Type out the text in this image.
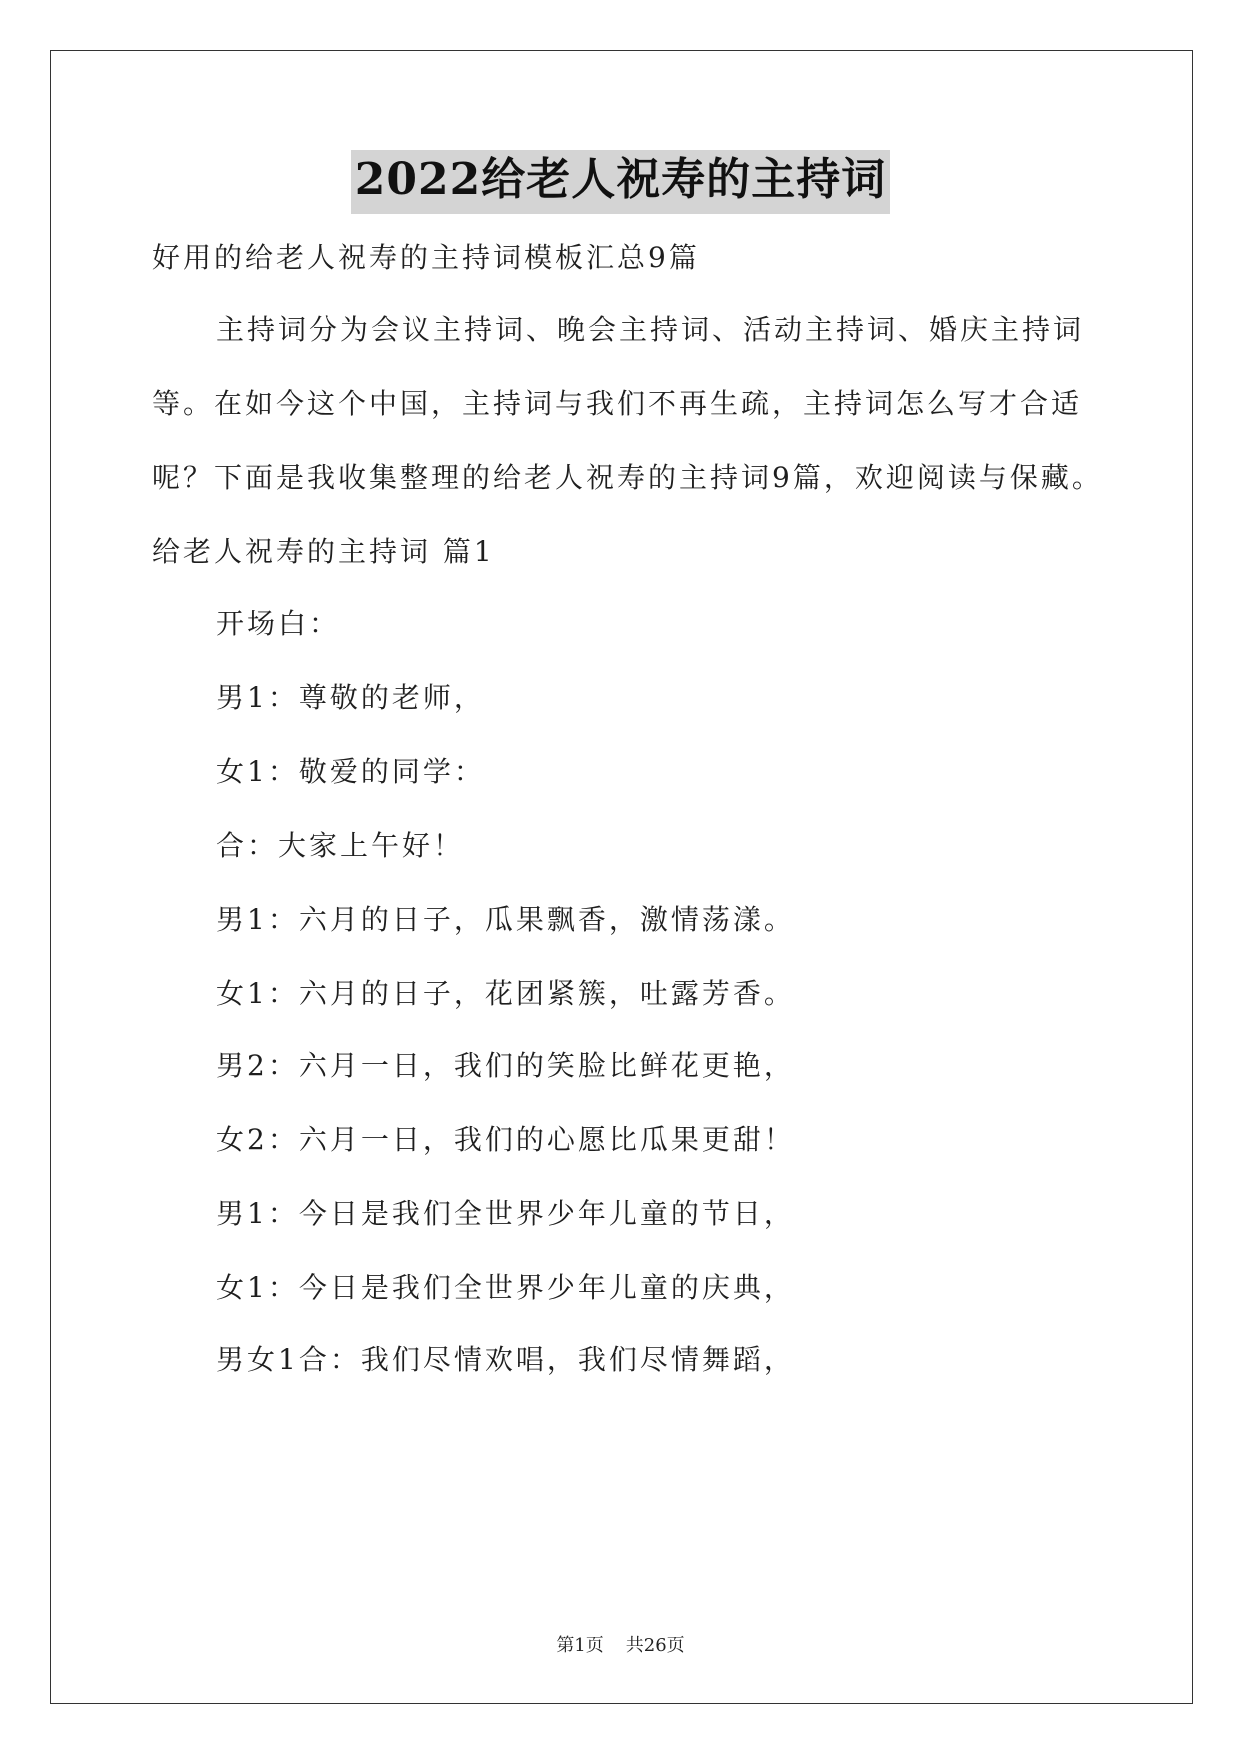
2022给老人祝寿的主持词
好用的给老人祝寿的主持词模板汇总9篇
主持词分为会议主持词、晚会主持词、活动主持词、婚庆主持词
等。在如今这个中国，主持词与我们不再生疏，主持词怎么写才合适
呢？下面是我收集整理的给老人祝寿的主持词9篇，欢迎阅读与保藏。
给老人祝寿的主持词 篇1
开场白：
男1：尊敬的老师，
女1：敬爱的同学：
合：大家上午好！
男1：六月的日子，瓜果飘香，激情荡漾。
女1：六月的日子，花团紧簇，吐露芳香。
男2：六月一日，我们的笑脸比鲜花更艳，
女2：六月一日，我们的心愿比瓜果更甜！
男1：今日是我们全世界少年儿童的节日，
女1：今日是我们全世界少年儿童的庆典，
男女1合：我们尽情欢唱，我们尽情舞蹈，
第1页 共26页
